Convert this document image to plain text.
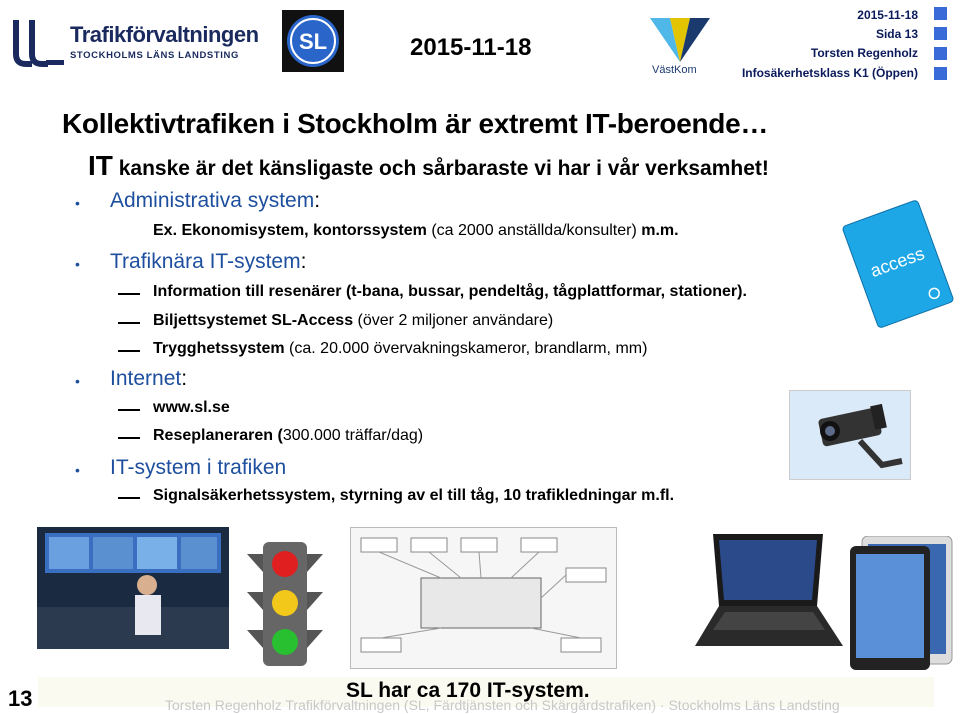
Trafikförvaltningen
STOCKHOLMS LÄNS LANDSTING
SL	2015-11-18
VästKom
2015-11-18
Sida 13
Torsten Regenholz
Infosäkerhetsklass K1 (Öppen)
Kollektivtrafiken i Stockholm är extremt IT-beroende…
IT kanske är det känsligaste och sårbaraste vi har i vår verksamhet!
• Administrativa system:
Ex. Ekonomisystem, kontorssystem (ca 2000 anställda/konsulter) m.m.
• Trafiknära IT-system:
Information till resenärer (t-bana, bussar, pendeltåg, tågplattformar, stationer).
Biljettsystemet SL-Access (över 2 miljoner användare)
Trygghetssystem (ca. 20.000 övervakningskameror, brandlarm, mm)
• Internet:
www.sl.se
Reseplaneraren (300.000 träffar/dag)
• IT-system i trafiken
Signalsäkerhetssystem, styrning av el till tåg, 10 trafikledningar m.fl.
access
Torsten Regenholz Trafikförvaltningen (SL, Färdtjänsten och Skärgårdstrafiken) · Stockholms Läns Landsting
SL har ca 170 IT-system.
13
